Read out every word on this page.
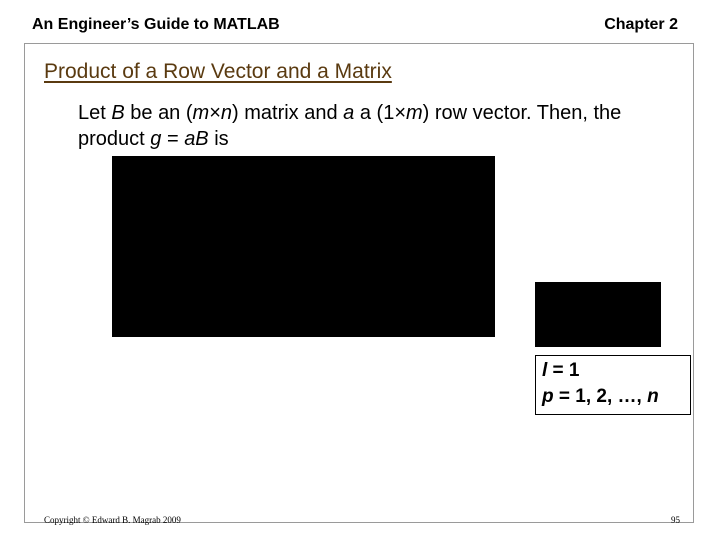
An Engineer’s Guide to MATLAB	Chapter 2
Product of a Row Vector and a Matrix
Let B be an (m×n) matrix and a a (1×m) row vector. Then, the product g = aB is
l = 1
p = 1, 2, …, n
Copyright © Edward B. Magrab 2009	95
